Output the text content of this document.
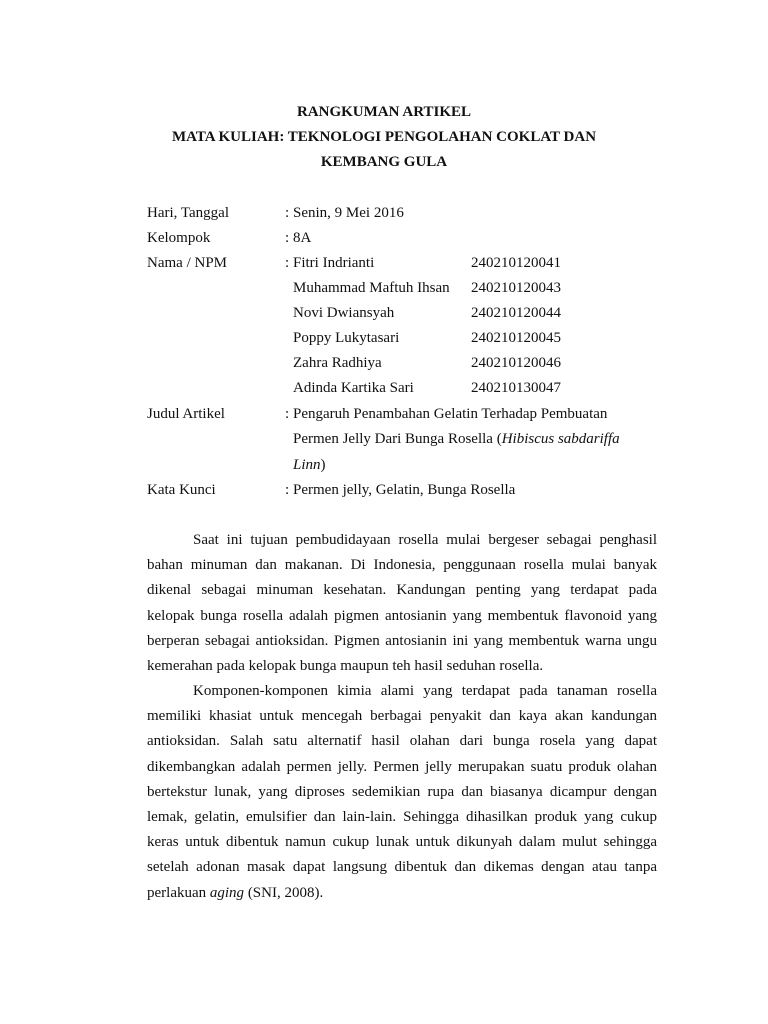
RANGKUMAN ARTIKEL
MATA KULIAH: TEKNOLOGI PENGOLAHAN COKLAT DAN
KEMBANG GULA
Hari, Tanggal	: Senin, 9 Mei 2016
Kelompok	: 8A
Nama / NPM	: Fitri Indrianti	240210120041
Muhammad Maftuh Ihsan 240210120043
Novi Dwiansyah	240210120044
Poppy Lukytasari	240210120045
Zahra Radhiya	240210120046
Adinda Kartika Sari	240210130047
Judul Artikel	: Pengaruh Penambahan Gelatin Terhadap Pembuatan
Permen Jelly Dari Bunga Rosella (Hibiscus sabdariffa
Linn)
Kata Kunci	: Permen jelly, Gelatin, Bunga Rosella
Saat ini tujuan pembudidayaan rosella mulai bergeser sebagai penghasil
bahan minuman dan makanan. Di Indonesia, penggunaan rosella mulai banyak
dikenal sebagai minuman kesehatan. Kandungan penting yang terdapat pada
kelopak bunga rosella adalah pigmen antosianin yang membentuk flavonoid yang
berperan sebagai antioksidan. Pigmen antosianin ini yang membentuk warna ungu
kemerahan pada kelopak bunga maupun teh hasil seduhan rosella.
Komponen-komponen kimia alami yang terdapat pada tanaman rosella
memiliki khasiat untuk mencegah berbagai penyakit dan kaya akan kandungan
antioksidan. Salah satu alternatif hasil olahan dari bunga rosela yang dapat
dikembangkan adalah permen jelly. Permen jelly merupakan suatu produk olahan
bertekstur lunak, yang diproses sedemikian rupa dan biasanya dicampur dengan
lemak, gelatin, emulsifier dan lain-lain. Sehingga dihasilkan produk yang cukup
keras untuk dibentuk namun cukup lunak untuk dikunyah dalam mulut sehingga
setelah adonan masak dapat langsung dibentuk dan dikemas dengan atau tanpa
perlakuan aging (SNI, 2008).
